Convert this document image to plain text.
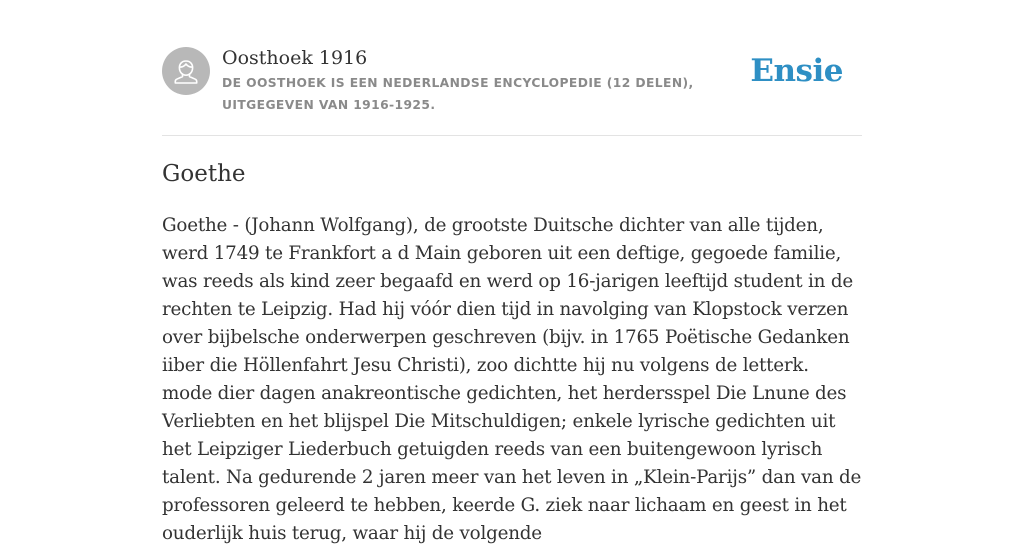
Oosthoek 1916
DE OOSTHOEK IS EEN NEDERLANDSE ENCYCLOPEDIE (12 DELEN), UITGEGEVEN VAN 1916-1925.
Ensie
Goethe

Goethe - (Johann Wolfgang), de grootste Duitsche dichter van alle tijden, werd 1749 te Frankfort a d Main geboren uit een deftige, gegoede familie, was reeds als kind zeer begaafd en werd op 16-jarigen leeftijd student in de rechten te Leipzig. Had hij vóór dien tijd in navolging van Klopstock verzen over bijbelsche onderwerpen geschreven (bijv. in 1765 Poëtische Gedanken iiber die Höllenfahrt Jesu Christi), zoo dichtte hij nu volgens de letterk. mode dier dagen anakreontische gedichten, het herdersspel Die Lnune des Verliebten en het blijspel Die Mitschuldigen; enkele lyrische gedichten uit het Leipziger Liederbuch getuigden reeds van een buitengewoon lyrisch talent. Na gedurende 2 jaren meer van het leven in „Klein-Parijs” dan van de professoren geleerd te hebben, keerde G. ziek naar lichaam en geest in het ouderlijk huis terug, waar hij de volgende
